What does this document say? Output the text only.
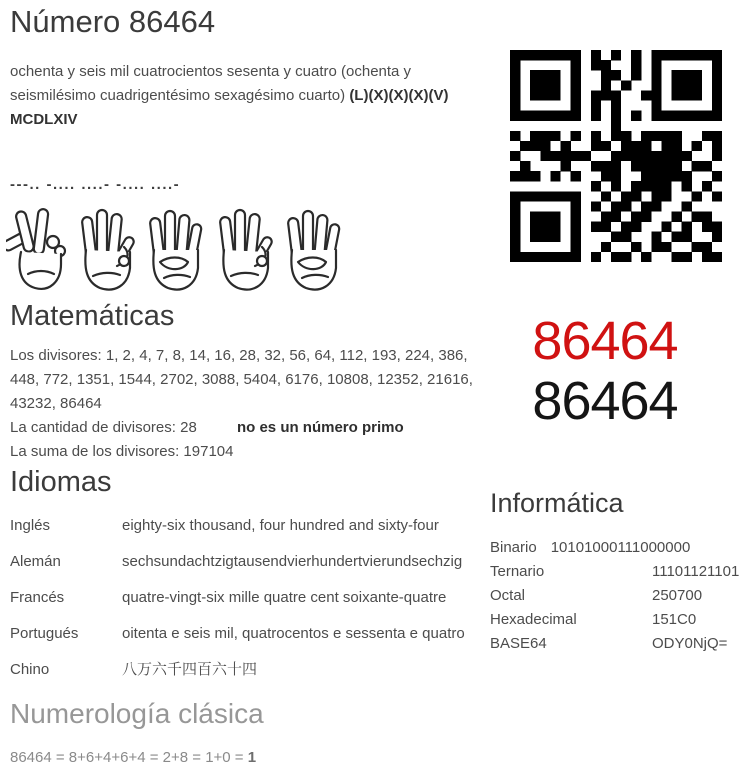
Número 86464

ochenta y seis mil cuatrocientos sesenta y cuatro (ochenta y seismilésimo cuadrigentésimo sexagésimo cuarto) (L)(X)(X)(X)(V) MCDLXIV

---.. -.... ....- -.... ....-
Matemáticas
Los divisores: 1, 2, 4, 7, 8, 14, 16, 28, 32, 56, 64, 112, 193, 224, 386, 448, 772, 1351, 1544, 2702, 3088, 5404, 6176, 10808, 12352, 21616, 43232, 86464
La cantidad de divisores: 28	no es un número primo
La suma de los divisores: 197104
Idiomas
Inglés	eighty-six thousand, four hundred and sixty-four
Alemán	sechsundachtzigtausendvierhundertvierundsechzig
Francés	quatre-vingt-six mille quatre cent soixante-quatre
Portugués	oitenta e seis mil, quatrocentos e sessenta e quatro
Chino	八万六千四百六十四
Numerología clásica

86464 = 8+6+4+6+4 = 2+8 = 1+0 = 1

86464
86464
Informática
Binario 10101000111000000
Ternario	11101121101
Octal	250700
Hexadecimal	151C0
BASE64	ODY0NjQ=
